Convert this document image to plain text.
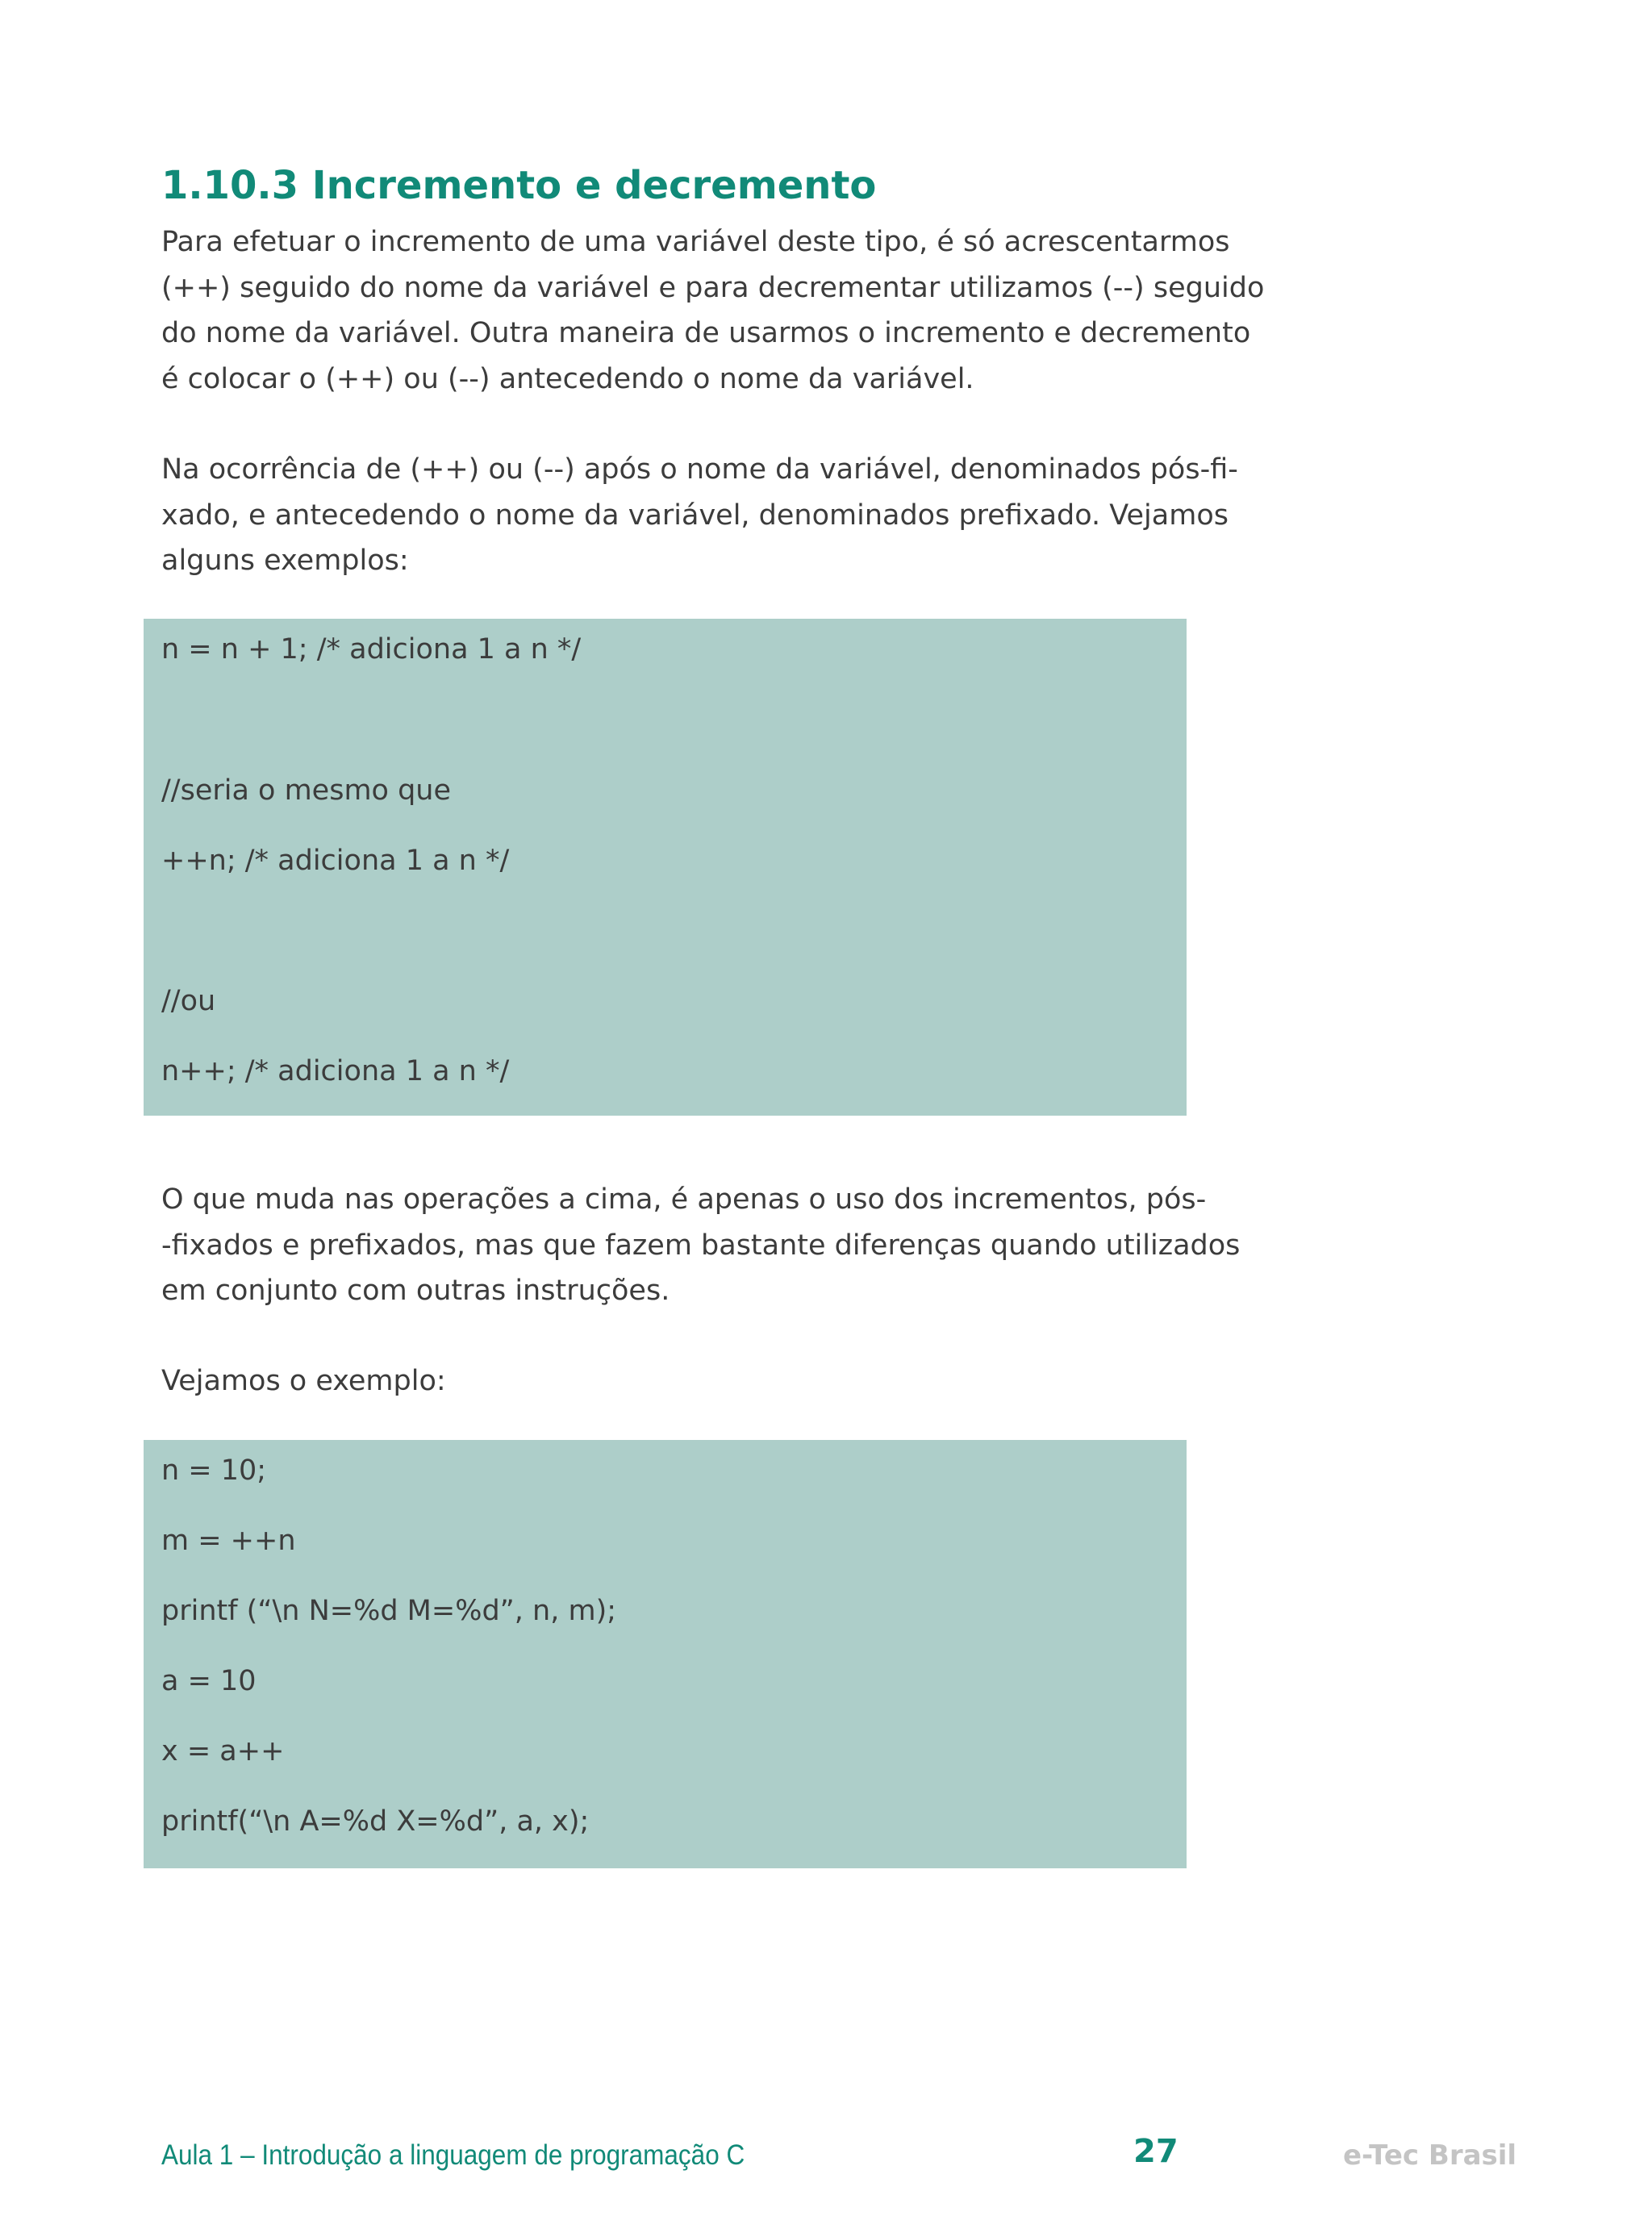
1.10.3 Incremento e decremento

Para efetuar o incremento de uma variável deste tipo, é só acrescentarmos
(++) seguido do nome da variável e para decrementar utilizamos (--) seguido
do nome da variável. Outra maneira de usarmos o incremento e decremento
é colocar o (++) ou (--) antecedendo o nome da variável.

Na ocorrência de (++) ou (--) após o nome da variável, denominados pós-fi-
xado, e antecedendo o nome da variável, denominados prefixado. Vejamos
alguns exemplos:

n = n + 1; /* adiciona 1 a n */
//seria o mesmo que
++n; /* adiciona 1 a n */
//ou
n++; /* adiciona 1 a n */

O que muda nas operações a cima, é apenas o uso dos incrementos, pós-
-fixados e prefixados, mas que fazem bastante diferenças quando utilizados
em conjunto com outras instruções.

Vejamos o exemplo:

n = 10;
m = ++n
printf (“\n N=%d M=%d”, n, m);
a = 10
x = a++
printf(“\n A=%d X=%d”, a, x);
Aula 1 – Introdução a linguagem de programação C	27	e-Tec Brasil
